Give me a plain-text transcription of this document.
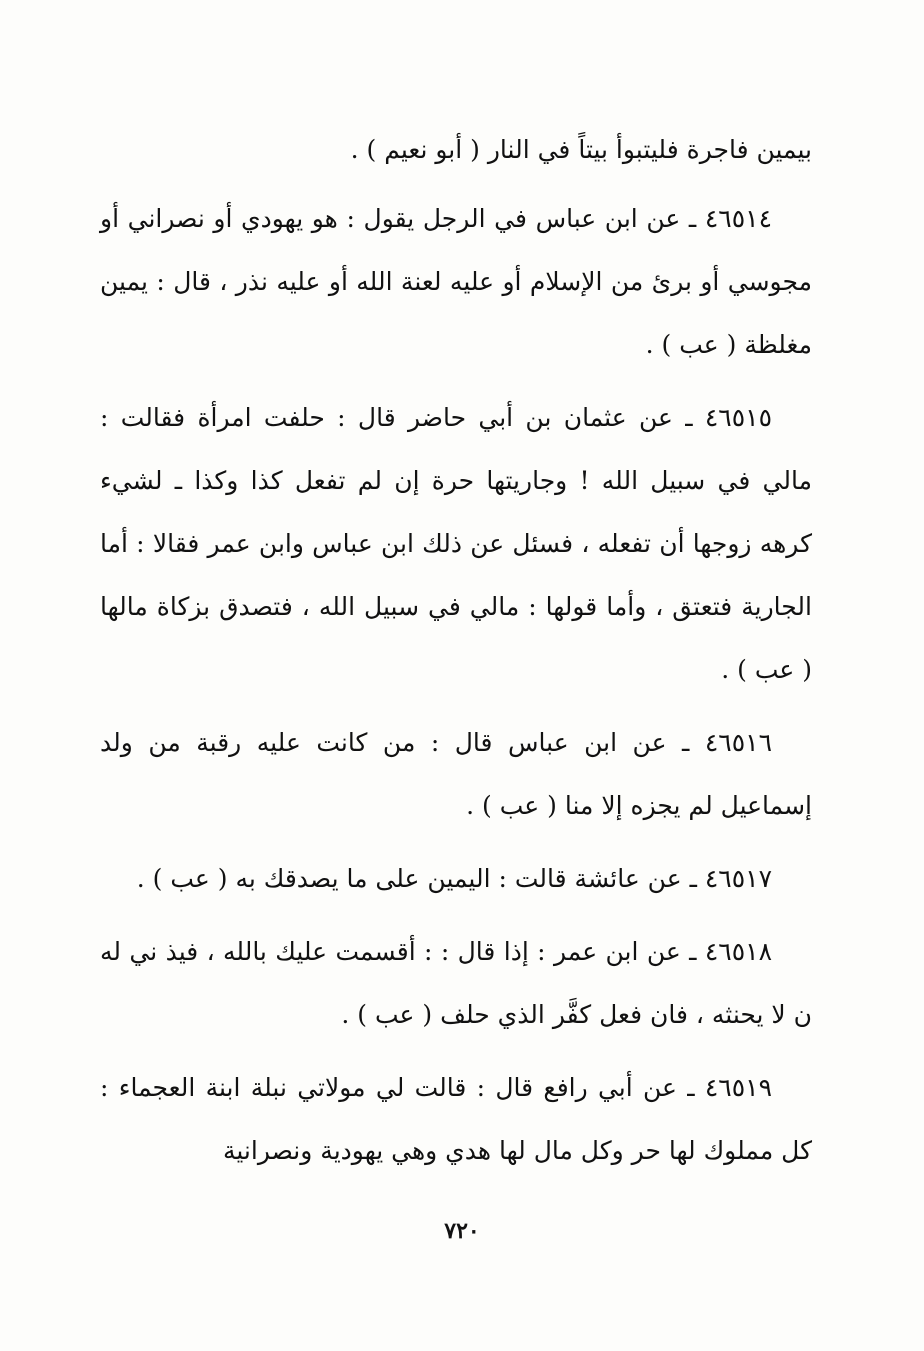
بيمين فاجرة فليتبوأ بيتاً في النار ( أبو نعيم ) .

٤٦٥١٤ ـ عن ابن عباس في الرجل يقول : هو يهودي أو نصراني أو مجوسي أو برئ من الإسلام أو عليه لعنة الله أو عليه نذر ، قال : يمين مغلظة ( عب ) .

٤٦٥١٥ ـ عن عثمان بن أبي حاضر قال : حلفت امرأة فقالت : مالي في سبيل الله ! وجاريتها حرة إن لم تفعل كذا وكذا ـ لشيء كرهه زوجها أن تفعله ، فسئل عن ذلك ابن عباس وابن عمر فقالا : أما الجارية فتعتق ، وأما قولها : مالي في سبيل الله ، فتصدق بزكاة مالها ( عب ) .

٤٦٥١٦ ـ عن ابن عباس قال : من كانت عليه رقبة من ولد إسماعيل لم يجزه إلا منا ( عب ) .

٤٦٥١٧ ـ عن عائشة قالت : اليمين على ما يصدقك به ( عب ) .

٤٦٥١٨ ـ عن ابن عمر : إذا قال : : أقسمت عليك بالله ، فيذ ني له ن لا يحنثه ، فان فعل كفَّر الذي حلف ( عب ) .

٤٦٥١٩ ـ عن أبي رافع قال : قالت لي مولاتي نبلة ابنة العجماء : كل مملوك لها حر وكل مال لها هدي وهي يهودية ونصرانية

٧٢٠
